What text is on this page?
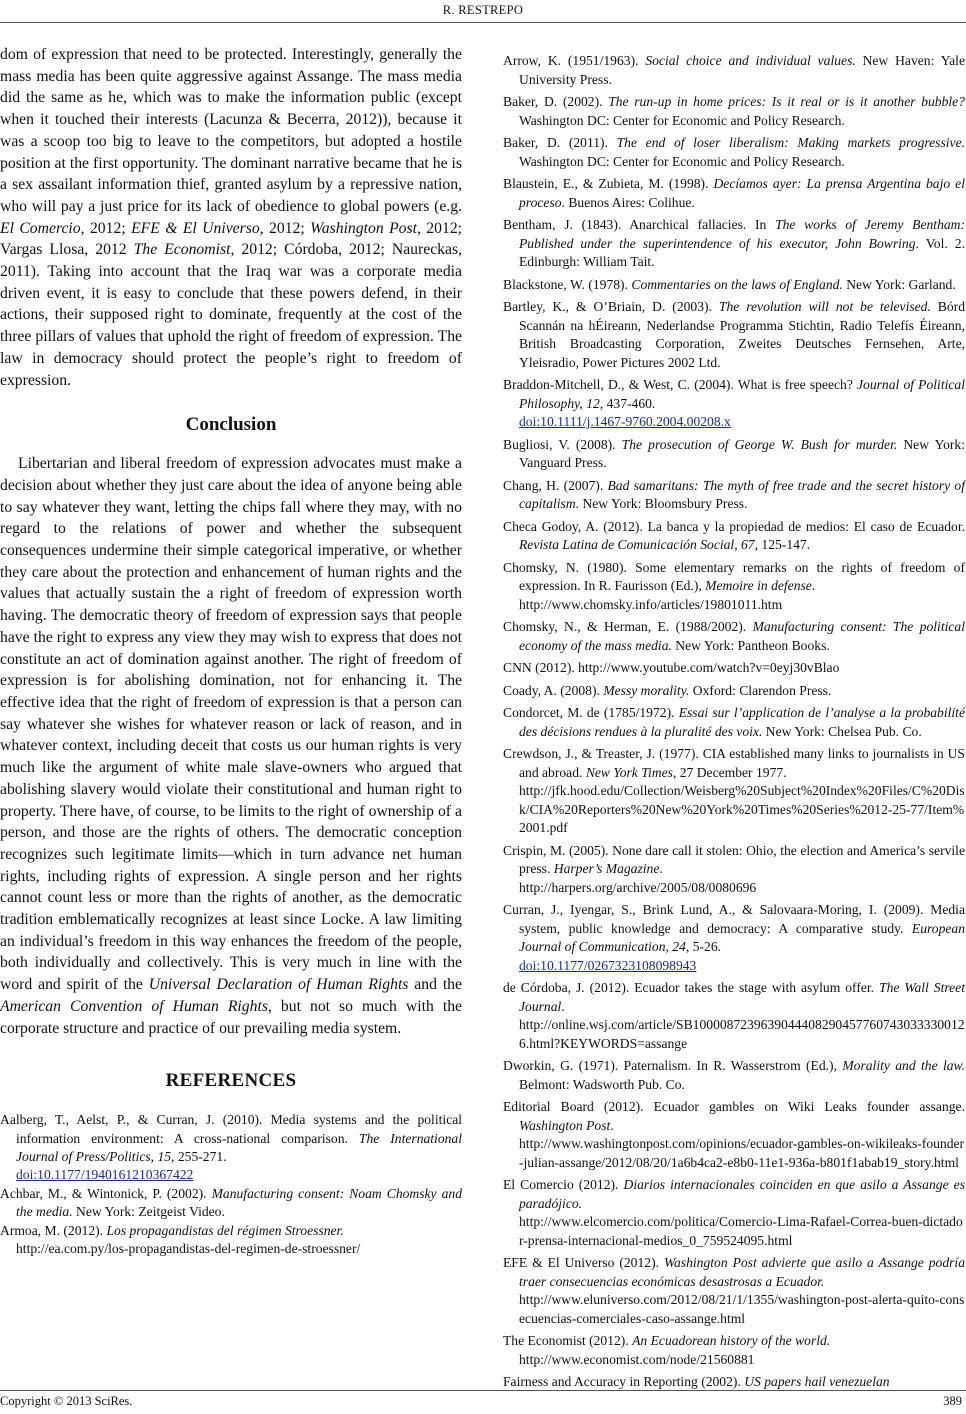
R. RESTREPO

dom of expression that need to be protected. Interestingly, generally the mass media has been quite aggressive against Assange. The mass media did the same as he, which was to make the information public (except when it touched their interests (Lacunza & Becerra, 2012)), because it was a scoop too big to leave to the competitors, but adopted a hostile position at the first opportunity. The dominant narrative became that he is a sex assailant information thief, granted asylum by a repressive nation, who will pay a just price for its lack of obedience to global powers (e.g. El Comercio, 2012; EFE & El Universo, 2012; Washington Post, 2012; Vargas Llosa, 2012 The Economist, 2012; Córdoba, 2012; Naureckas, 2011). Taking into account that the Iraq war was a corporate media driven event, it is easy to conclude that these powers defend, in their actions, their supposed right to dominate, frequently at the cost of the three pillars of values that uphold the right of freedom of expression. The law in democracy should protect the people’s right to freedom of expression.

Conclusion

Libertarian and liberal freedom of expression advocates must make a decision about whether they just care about the idea of anyone being able to say whatever they want, letting the chips fall where they may, with no regard to the relations of power and whether the subsequent consequences undermine their simple categorical imperative, or whether they care about the protection and enhancement of human rights and the values that actually sustain the a right of freedom of expression worth having. The democratic theory of freedom of expression says that people have the right to express any view they may wish to express that does not constitute an act of domination against another. The right of freedom of expression is for abolishing domination, not for enhancing it. The effective idea that the right of freedom of expression is that a person can say whatever she wishes for whatever reason or lack of reason, and in whatever context, including deceit that costs us our human rights is very much like the argument of white male slave-owners who argued that abolishing slavery would violate their constitutional and human right to property. There have, of course, to be limits to the right of ownership of a person, and those are the rights of others. The democratic conception recognizes such legitimate limits—which in turn advance net human rights, including rights of expression. A single person and her rights cannot count less or more than the rights of another, as the democratic tradition emblematically recognizes at least since Locke. A law limiting an individual’s freedom in this way enhances the freedom of the people, both individually and collectively. This is very much in line with the word and spirit of the Universal Declaration of Human Rights and the American Convention of Human Rights, but not so much with the corporate structure and practice of our prevailing media system.

REFERENCES

Aalberg, T., Aelst, P., & Curran, J. (2010). Media systems and the political information environment: A cross-national comparison. The International Journal of Press/Politics, 15, 255-271.
doi:10.1177/1940161210367422

Achbar, M., & Wintonick, P. (2002). Manufacturing consent: Noam Chomsky and the media. New York: Zeitgeist Video.

Armoa, M. (2012). Los propagandistas del régimen Stroessner.
http://ea.com.py/los-propagandistas-del-regimen-de-stroessner/

Arrow, K. (1951/1963). Social choice and individual values. New Haven: Yale University Press.

Baker, D. (2002). The run-up in home prices: Is it real or is it another bubble? Washington DC: Center for Economic and Policy Research.

Baker, D. (2011). The end of loser liberalism: Making markets progressive. Washington DC: Center for Economic and Policy Research.

Blaustein, E., & Zubieta, M. (1998). Decíamos ayer: La prensa Argentina bajo el proceso. Buenos Aires: Colihue.

Bentham, J. (1843). Anarchical fallacies. In The works of Jeremy Bentham: Published under the superintendence of his executor, John Bowring. Vol. 2. Edinburgh: William Tait.

Blackstone, W. (1978). Commentaries on the laws of England. New York: Garland.

Bartley, K., & O’Briain, D. (2003). The revolution will not be televised. Bórd Scannán na hÉireann, Nederlandse Programma Stichtin, Radio Telefís Éireann, British Broadcasting Corporation, Zweites Deutsches Fernsehen, Arte, Yleisradio, Power Pictures 2002 Ltd.

Braddon-Mitchell, D., & West, C. (2004). What is free speech? Journal of Political Philosophy, 12, 437-460.
doi:10.1111/j.1467-9760.2004.00208.x

Bugliosi, V. (2008). The prosecution of George W. Bush for murder. New York: Vanguard Press.

Chang, H. (2007). Bad samaritans: The myth of free trade and the secret history of capitalism. New York: Bloomsbury Press.

Checa Godoy, A. (2012). La banca y la propiedad de medios: El caso de Ecuador. Revista Latina de Comunicación Social, 67, 125-147.

Chomsky, N. (1980). Some elementary remarks on the rights of freedom of expression. In R. Faurisson (Ed.), Memoire in defense.
http://www.chomsky.info/articles/19801011.htm

Chomsky, N., & Herman, E. (1988/2002). Manufacturing consent: The political economy of the mass media. New York: Pantheon Books.

CNN (2012). http://www.youtube.com/watch?v=0eyj30vBlao

Coady, A. (2008). Messy morality. Oxford: Clarendon Press.

Condorcet, M. de (1785/1972). Essai sur l’application de l’analyse a la probabilité des décisions rendues à la pluralité des voix. New York: Chelsea Pub. Co.

Crewdson, J., & Treaster, J. (1977). CIA established many links to journalists in US and abroad. New York Times, 27 December 1977.
http://jfk.hood.edu/Collection/Weisberg%20Subject%20Index%20Files/C%20Disk/CIA%20Reporters%20New%20York%20Times%20Series%2012-25-77/Item%2001.pdf

Crispin, M. (2005). None dare call it stolen: Ohio, the election and America’s servile press. Harper’s Magazine.
http://harpers.org/archive/2005/08/0080696

Curran, J., Iyengar, S., Brink Lund, A., & Salovaara-Moring, I. (2009). Media system, public knowledge and democracy: A comparative study. European Journal of Communication, 24, 5-26.
doi:10.1177/0267323108098943

de Córdoba, J. (2012). Ecuador takes the stage with asylum offer. The Wall Street Journal.
http://online.wsj.com/article/SB10000872396390444082904577607430333300126.html?KEYWORDS=assange

Dworkin, G. (1971). Paternalism. In R. Wasserstrom (Ed.), Morality and the law. Belmont: Wadsworth Pub. Co.

Editorial Board (2012). Ecuador gambles on Wiki Leaks founder assange. Washington Post.
http://www.washingtonpost.com/opinions/ecuador-gambles-on-wikileaks-founder-julian-assange/2012/08/20/1a6b4ca2-e8b0-11e1-936a-b801f1abab19_story.html

El Comercio (2012). Diarios internacionales coinciden en que asilo a Assange es paradójico.
http://www.elcomercio.com/politica/Comercio-Lima-Rafael-Correa-buen-dictador-prensa-internacional-medios_0_759524095.html

EFE & El Universo (2012). Washington Post advierte que asilo a Assange podría traer consecuencias económicas desastrosas a Ecuador.
http://www.eluniverso.com/2012/08/21/1/1355/washington-post-alerta-quito-consecuencias-comerciales-caso-assange.html

The Economist (2012). An Ecuadorean history of the world.
http://www.economist.com/node/21560881

Fairness and Accuracy in Reporting (2002). US papers hail venezuelan

Copyright © 2013 SciRes.	389
